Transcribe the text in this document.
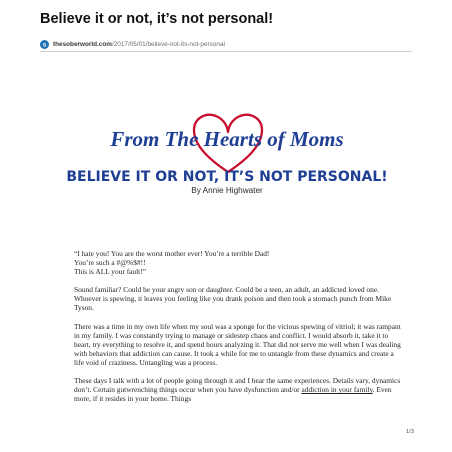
Believe it or not, it’s not personal!
s thesoberworld.com /2017/05/01/believe-not-its-not-personal
From The Hearts of Moms
BELIEVE IT OR NOT, IT’S NOT PERSONAL!
By Annie Highwater

“I hate you! You are the worst mother ever! You’re a terrible Dad!

You’re such a #@%$#!!

This is ALL your fault!”

Sound familiar? Could be your angry son or daughter. Could be a teen, an adult, an addicted loved one. Whoever is spewing, it leaves you feeling like you drank poison and then took a stomach punch from Mike Tyson.

There was a time in my own life when my soul was a sponge for the vicious spewing of vitriol; it was rampant in my family. I was constantly trying to manage or sidestep chaos and conflict. I would absorb it, take it to heart, try everything to resolve it, and spend hours analyzing it. That did not serve me well when I was dealing with behaviors that addiction can cause. It took a while for me to untangle from these dynamics and create a life void of craziness. Untangling was a process.

These days I talk with a lot of people going through it and I hear the same experiences. Details vary, dynamics don’t. Certain gutwrenching things occur when you have dysfunction and/or addiction in your family. Even more, if it resides in your home. Things

1/3
